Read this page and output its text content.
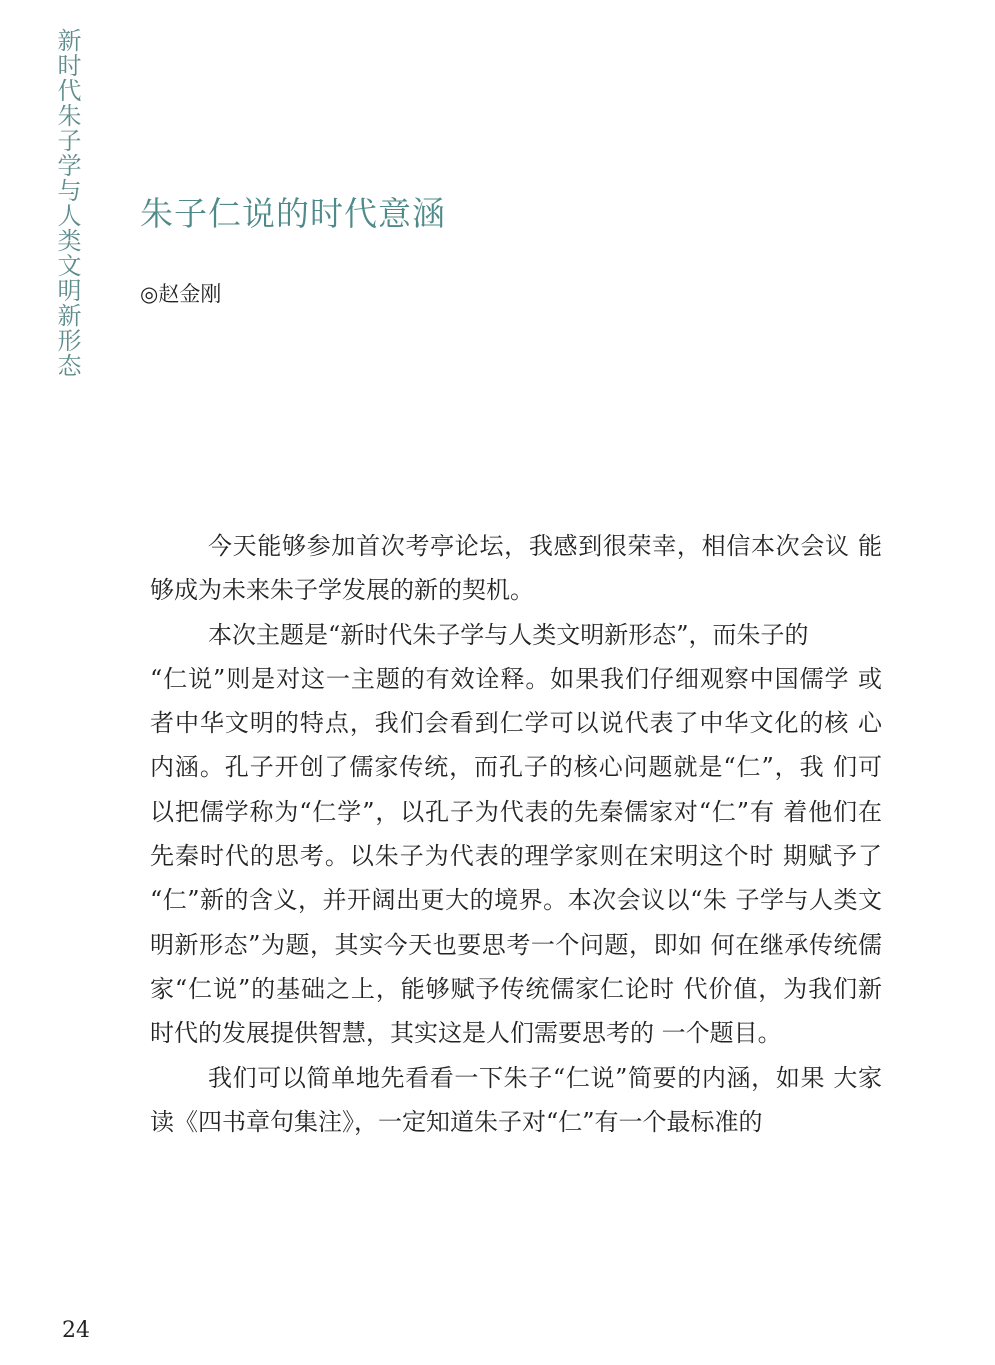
新时代朱子学与人类文明新形态 朱子仁说的时代意涵
◎赵金刚
今天能够参加首次考亭论坛，我感到很荣幸，相信本次会议 能
够成为未来朱子学发展的新的契机。
本次主题是“新时代朱子学与人类文明新形态”，而朱子的
“仁说”则是对这一主题的有效诠释。如果我们仔细观察中国儒学 或
者中华文明的特点，我们会看到仁学可以说代表了中华文化的核 心
内涵。孔子开创了儒家传统，而孔子的核心问题就是“仁”，我 们可
以把儒学称为“仁学”，以孔子为代表的先秦儒家对“仁”有 着他们在
先秦时代的思考。以朱子为代表的理学家则在宋明这个时 期赋予了
“仁”新的含义，并开阔出更大的境界。本次会议以“朱 子学与人类文
明新形态”为题，其实今天也要思考一个问题，即如 何在继承传统儒
家“仁说”的基础之上，能够赋予传统儒家仁论时 代价值，为我们新
时代的发展提供智慧，其实这是人们需要思考的 一个题目。
我们可以简单地先看看一下朱子“仁说”简要的内涵，如果 大家
读《四书章句集注》，一定知道朱子对“仁”有一个最标准的
24
